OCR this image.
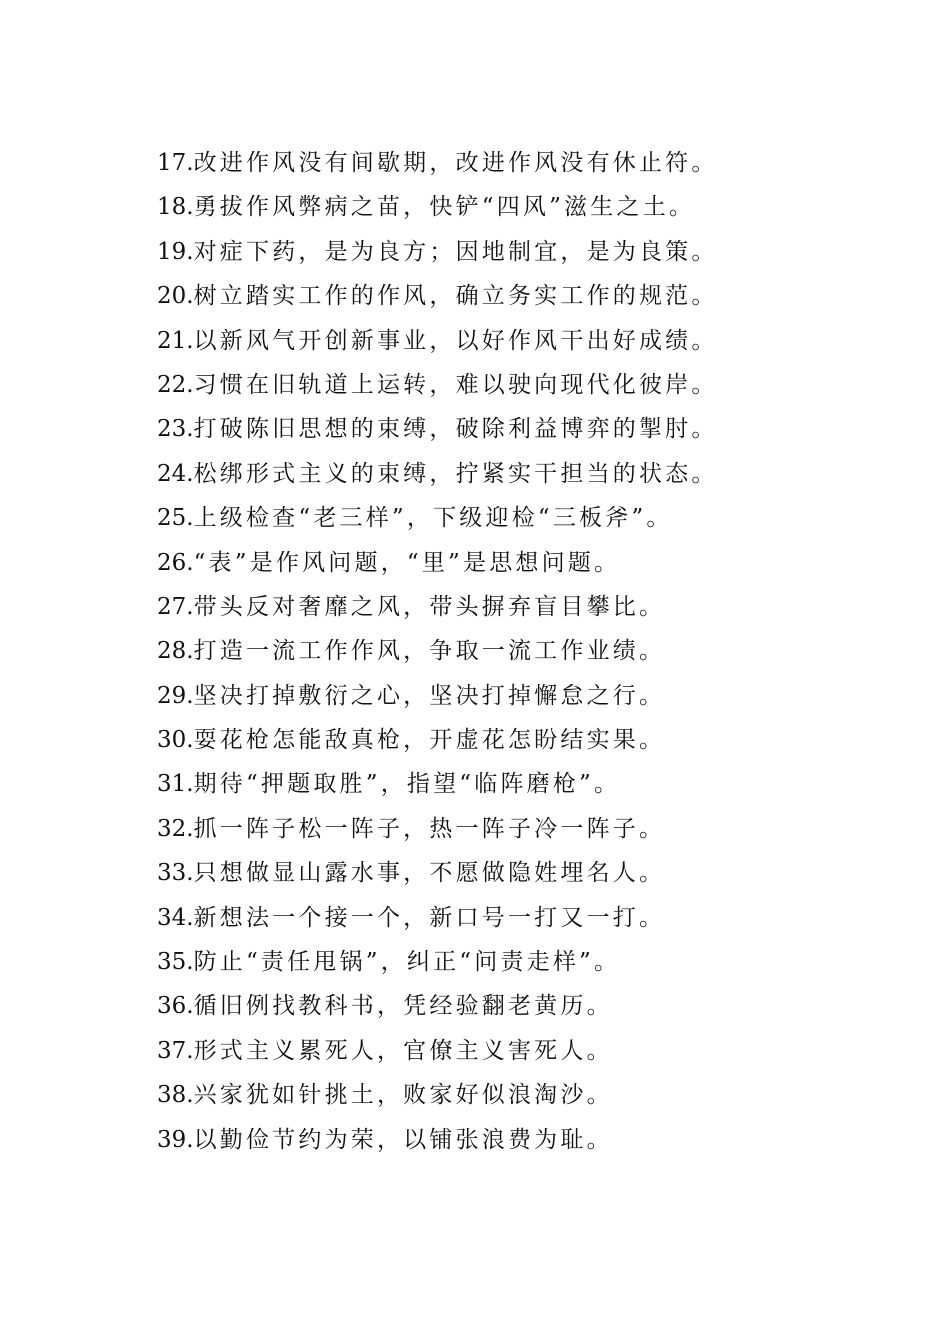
17.改进作风没有间歇期，改进作风没有休止符。
18.勇拔作风弊病之苗，快铲“四风”滋生之土。
19.对症下药，是为良方；因地制宜，是为良策。
20.树立踏实工作的作风，确立务实工作的规范。
21.以新风气开创新事业，以好作风干出好成绩。
22.习惯在旧轨道上运转，难以驶向现代化彼岸。
23.打破陈旧思想的束缚，破除利益博弈的掣肘。
24.松绑形式主义的束缚，拧紧实干担当的状态。
25.上级检查“老三样”，下级迎检“三板斧”。
26.“表”是作风问题，“里”是思想问题。
27.带头反对奢靡之风，带头摒弃盲目攀比。
28.打造一流工作作风，争取一流工作业绩。
29.坚决打掉敷衍之心，坚决打掉懈怠之行。
30.耍花枪怎能敌真枪，开虚花怎盼结实果。
31.期待“押题取胜”，指望“临阵磨枪”。
32.抓一阵子松一阵子，热一阵子冷一阵子。
33.只想做显山露水事，不愿做隐姓埋名人。
34.新想法一个接一个，新口号一打又一打。
35.防止“责任甩锅”，纠正“问责走样”。
36.循旧例找教科书，凭经验翻老黄历。
37.形式主义累死人，官僚主义害死人。
38.兴家犹如针挑土，败家好似浪淘沙。
39.以勤俭节约为荣，以铺张浪费为耻。
